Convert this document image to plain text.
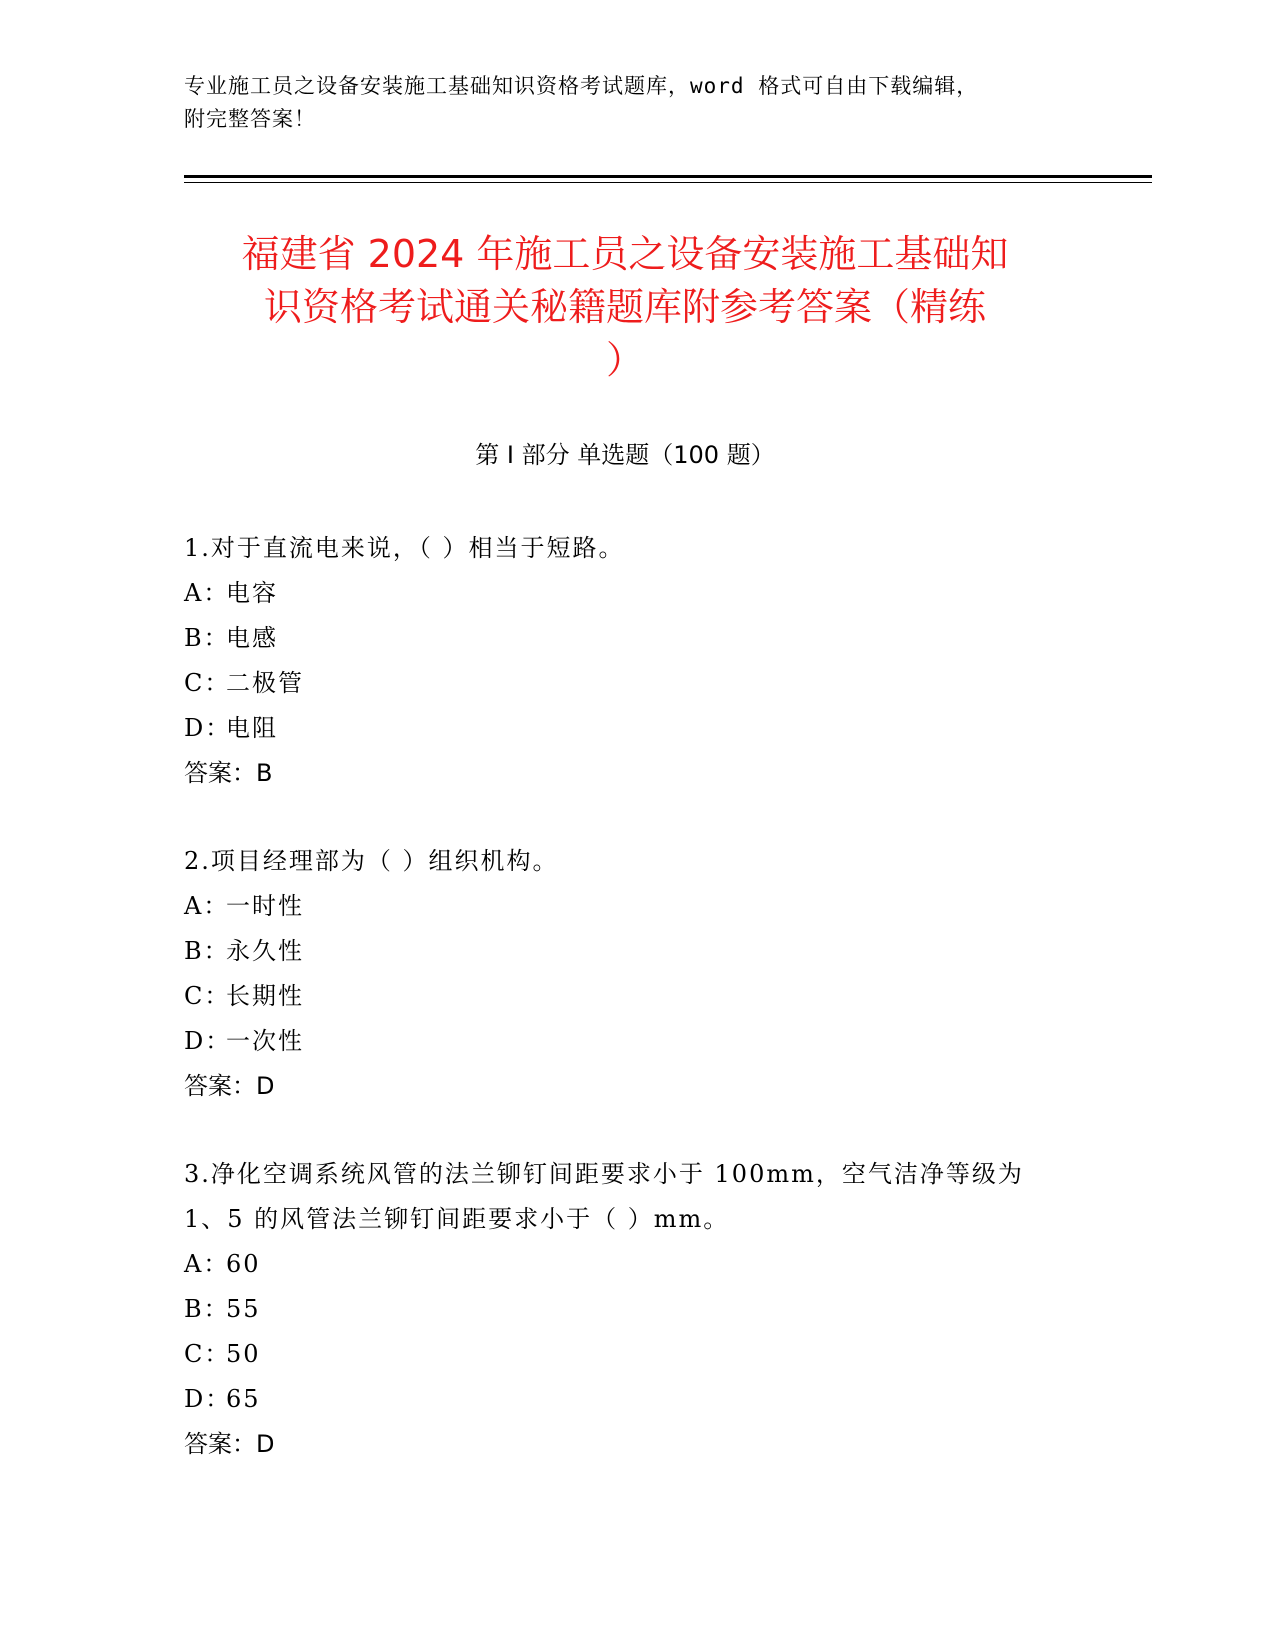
专业施工员之设备安装施工基础知识资格考试题库，word 格式可自由下载编辑，
附完整答案！
福建省 2024 年施工员之设备安装施工基础知
识资格考试通关秘籍题库附参考答案（精练
）
第 I 部分 单选题（100 题）
1.对于直流电来说，（ ）相当于短路。
A：电容
B：电感
C：二极管
D：电阻
答案：B
2.项目经理部为（ ）组织机构。
A：一时性
B：永久性
C：长期性
D：一次性
答案：D
3.净化空调系统风管的法兰铆钉间距要求小于 100mm，空气洁净等级为
1、5 的风管法兰铆钉间距要求小于（ ）mm。
A：60
B：55
C：50
D：65
答案：D
